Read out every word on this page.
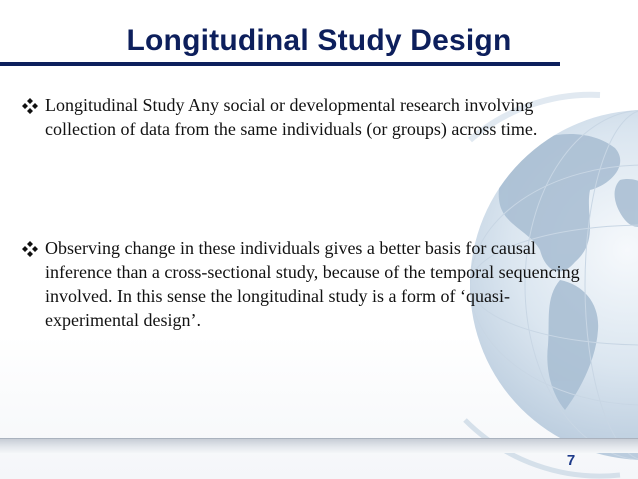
Longitudinal Study Design
Longitudinal Study Any social or developmental research involving collection of data from the same individuals (or groups) across time.
Observing change in these individuals gives a better basis for causal inference than a cross-sectional study, because of the temporal sequencing involved. In this sense the longitudinal study is a form of ‘quasi-experimental design’.
7
